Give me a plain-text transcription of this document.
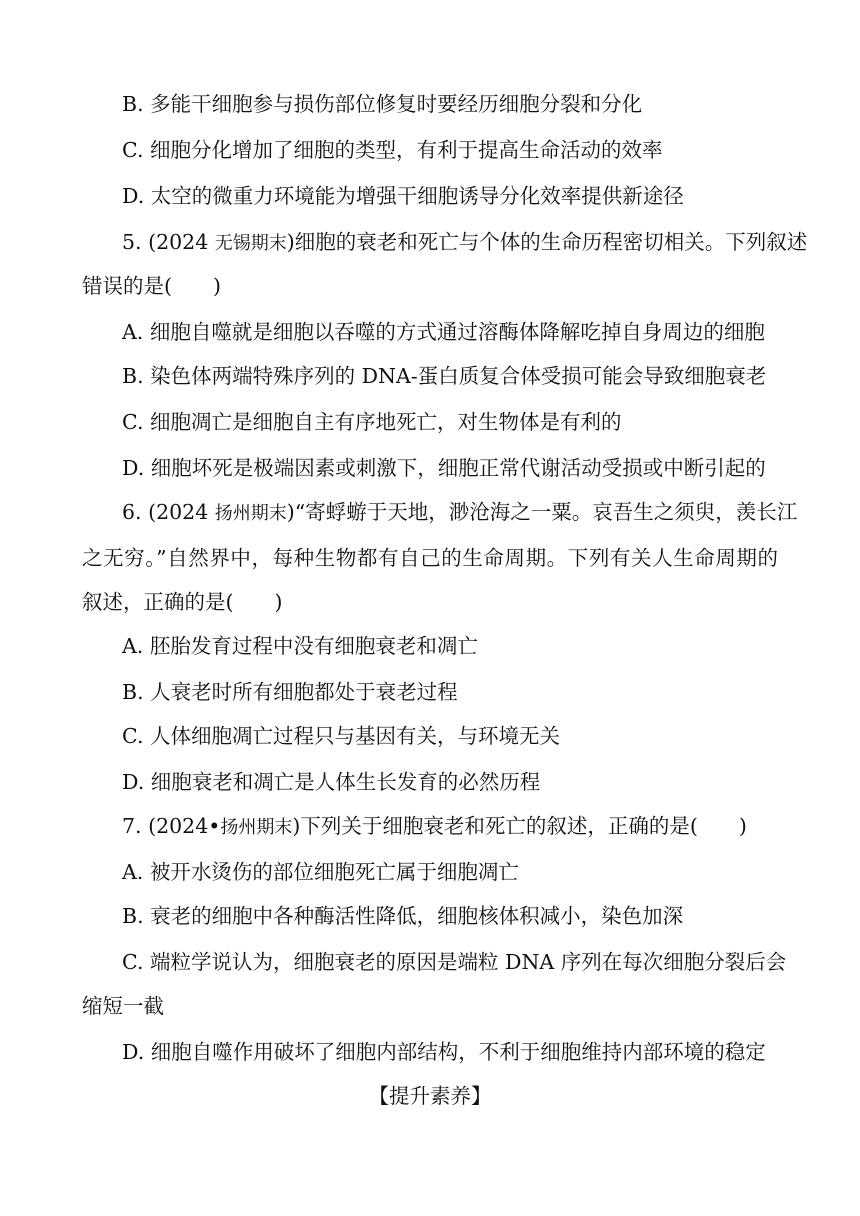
B. 多能干细胞参与损伤部位修复时要经历细胞分裂和分化
C. 细胞分化增加了细胞的类型，有利于提高生命活动的效率
D. 太空的微重力环境能为增强干细胞诱导分化效率提供新途径
5. (2024 无锡期末)细胞的衰老和死亡与个体的生命历程密切相关。下列叙述
错误的是(　　)
A. 细胞自噬就是细胞以吞噬的方式通过溶酶体降解吃掉自身周边的细胞
B. 染色体两端特殊序列的 DNA-蛋白质复合体受损可能会导致细胞衰老
C. 细胞凋亡是细胞自主有序地死亡，对生物体是有利的
D. 细胞坏死是极端因素或刺激下，细胞正常代谢活动受损或中断引起的
6. (2024 扬州期末)“寄蜉蝣于天地，渺沧海之一粟。哀吾生之须臾，羡长江
之无穷。”自然界中，每种生物都有自己的生命周期。下列有关人生命周期的
叙述，正确的是(　　)
A. 胚胎发育过程中没有细胞衰老和凋亡
B. 人衰老时所有细胞都处于衰老过程
C. 人体细胞凋亡过程只与基因有关，与环境无关
D. 细胞衰老和凋亡是人体生长发育的必然历程
7. (2024•扬州期末)下列关于细胞衰老和死亡的叙述，正确的是(　　)
A. 被开水烫伤的部位细胞死亡属于细胞凋亡
B. 衰老的细胞中各种酶活性降低，细胞核体积减小，染色加深
C. 端粒学说认为，细胞衰老的原因是端粒 DNA 序列在每次细胞分裂后会
缩短一截
D. 细胞自噬作用破坏了细胞内部结构，不利于细胞维持内部环境的稳定
【提升素养】
